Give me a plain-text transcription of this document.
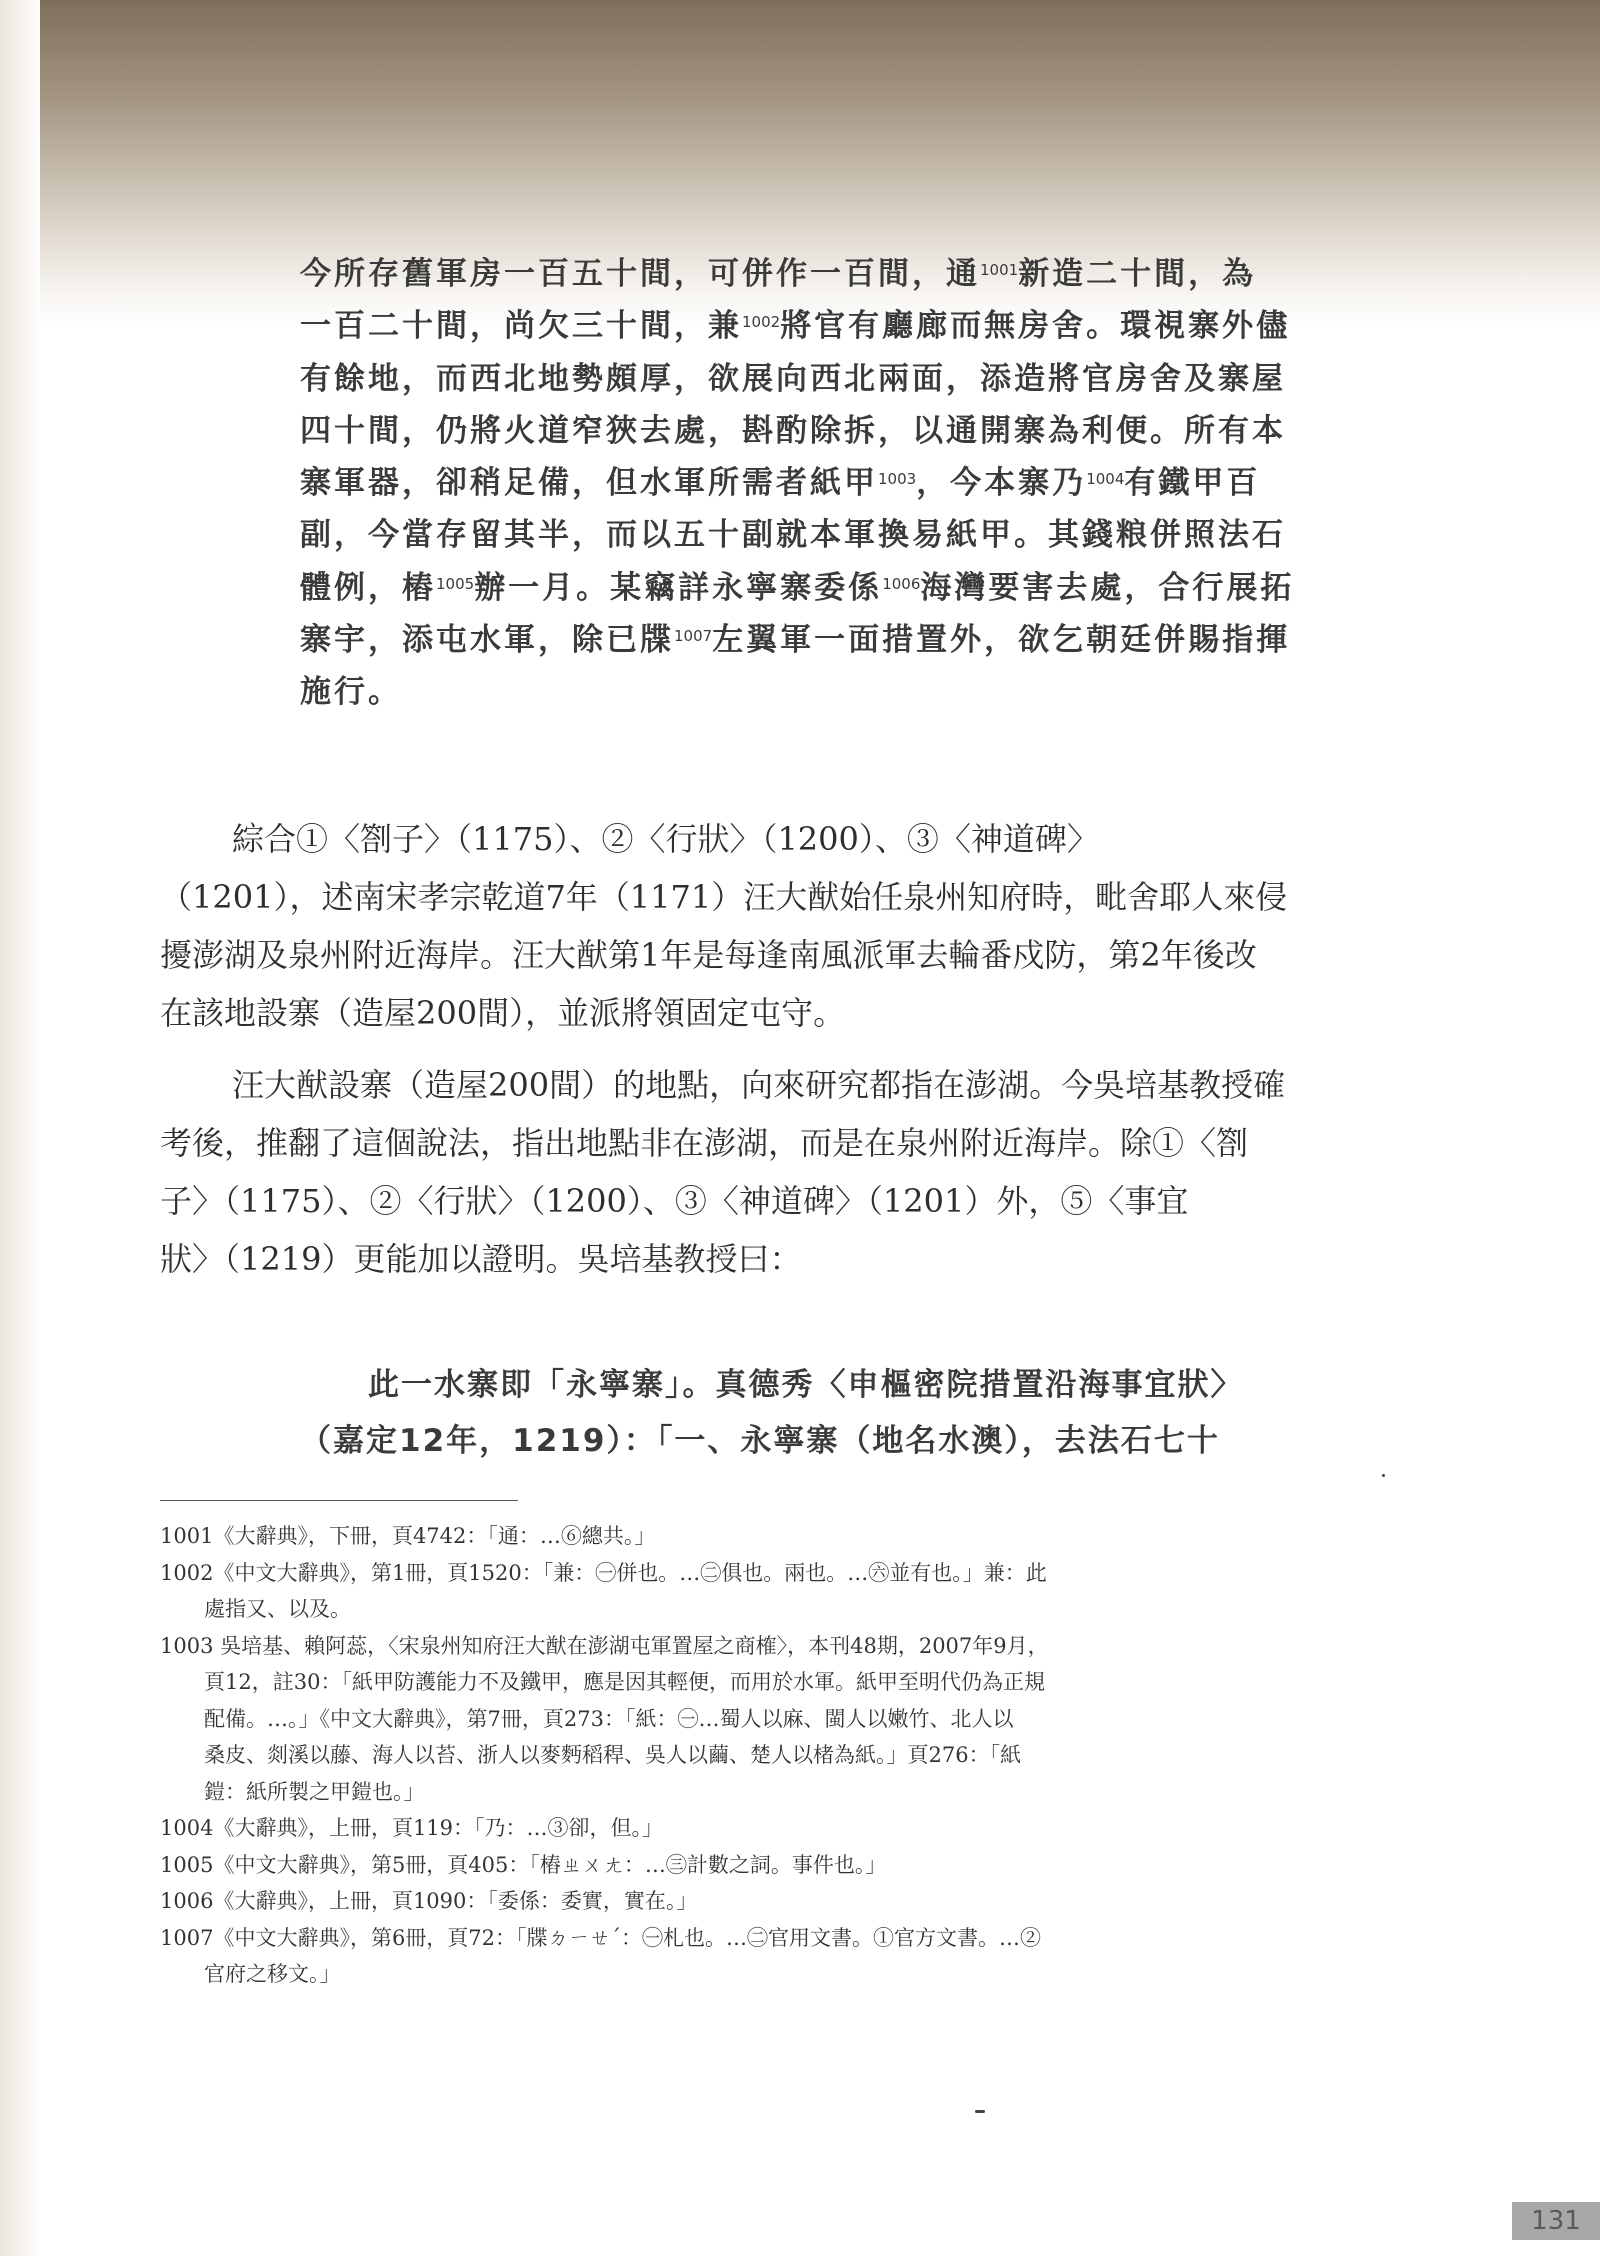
今所存舊軍房一百五十間，可併作一百間，通$^{1001}$新造二十間，為
一百二十間，尚欠三十間，兼$^{1002}$將官有廳廊而無房舍。環視寨外儘
有餘地，而西北地勢頗厚，欲展向西北兩面，添造將官房舍及寨屋
四十間，仍將火道窄狹去處，斟酌除拆，以通開寨為利便。所有本
寨軍器，卻稍足備，但水軍所需者紙甲$^{1003}$，今本寨乃$^{1004}$有鐵甲百
副，今當存留其半，而以五十副就本軍換易紙甲。其錢粮併照法石
體例，樁$^{1005}$辦一月。某竊詳永寧寨委係$^{1006}$海灣要害去處，合行展拓
寨宇，添屯水軍，除已牒$^{1007}$左翼軍一面措置外，欲乞朝廷併賜指揮
施行。
綜合①〈劄子〉（1175）、②〈行狀〉（1200）、③〈神道碑〉
（1201），述南宋孝宗乾道7年（1171）汪大猷始任泉州知府時，毗舍耶人來侵
擾澎湖及泉州附近海岸。汪大猷第1年是每逢南風派軍去輪番戍防，第2年後改
在該地設寨（造屋200間），並派將領固定屯守。
汪大猷設寨（造屋200間）的地點，向來研究都指在澎湖。今吳培基教授確
考後，推翻了這個說法，指出地點非在澎湖，而是在泉州附近海岸。除①〈劄
子〉（1175）、②〈行狀〉（1200）、③〈神道碑〉（1201）外，⑤〈事宜
狀〉（1219）更能加以證明。吳培基教授曰：
此一水寨即「永寧寨」。真德秀〈申樞密院措置沿海事宜狀〉
（嘉定12年，1219）：「一、永寧寨（地名水澳），去法石七十
1001《大辭典》，下冊，頁4742：「通：…⑥總共。」
1002《中文大辭典》，第1冊，頁1520：「兼：㊀併也。…㊁俱也。兩也。…㊅並有也。」兼：此
處指又、以及。
1003 吳培基、賴阿蕊，〈宋泉州知府汪大猷在澎湖屯軍置屋之商榷〉，本刊48期，2007年9月，
頁12，註30：「紙甲防護能力不及鐵甲，應是因其輕便，而用於水軍。紙甲至明代仍為正規
配備。…。」《中文大辭典》，第7冊，頁273：「紙：㊀…蜀人以麻、閩人以嫩竹、北人以
桑皮、剡溪以藤、海人以苔、浙人以麥麪稻稈、吳人以繭、楚人以楮為紙。」頁276：「紙
鎧：紙所製之甲鎧也。」
1004《大辭典》，上冊，頁119：「乃：…③卻，但。」
1005《中文大辭典》，第5冊，頁405：「樁ㄓㄨㄤ：…㊂計數之詞。事件也。」
1006《大辭典》，上冊，頁1090：「委係：委實，實在。」
1007《中文大辭典》，第6冊，頁72：「牒ㄉㄧㄝˊ：㊀札也。…㊁官用文書。①官方文書。…②
官府之移文。」
131
